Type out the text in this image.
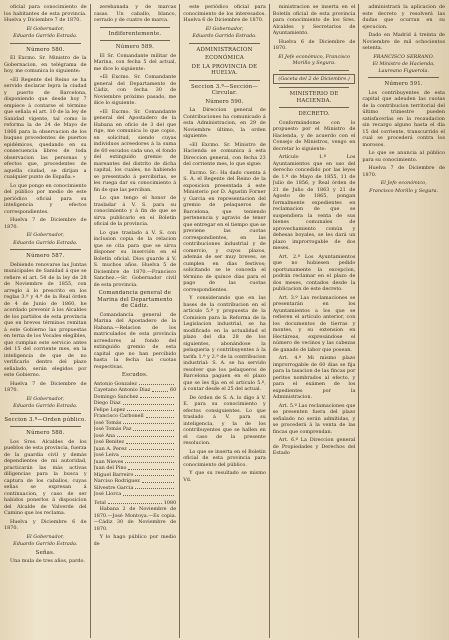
oficial para conocimiento de los habitantes de esta provincia. Huelva y Diciembre 7 de 1870.

El Gobernador,
Eduardo Garrido Estrada.
Número 580.

El Excmo. Sr. Ministro de la Gobernacion, en telégrama de hoy, me comunica lo siguiente:

«El Regente del Reino se ha servido declarar lepra la ciudad y puerto de Barcelona, disponiendo que desde hoy 7 empiece á contarse el término que señala el art. 10 de la ley de Sanidad vigente, tal como lo reforma la de 24 de Mayo de 1866 para la observacion de los buques procedentes de puertos epidémicos, quedando en su consecuencia libres de toda observacion las personas y efectos que, procedentes de aquella ciudad, se dirijan a cualquier punto de España.»

Lo que pongo en conocimiento del público por medio de este periódico oficial para su inteligencia y efectos correspondientes.

Huelva 7 de Diciembre de 1870.

El Gobernador,
Eduardo Garrido Estrada.
Número 587.

Debiendo renovarse las Juntas municipales de Sanidad á que se refiere el art. 54 de la ley de 28 de Noviembre de 1855, con arreglo á lo prescrito en los reglas 3.ª y 4.ª de la Real órden de 4 de Junio de 1860, he acordado prevenir á los Alcaldes de los partidos de esta provincia que en breves términos remitan á este Gobierno las propuestas en terna de los Vocales elegibles, que cumplan este servicio antes del 15 del corriente mes, en la inteligencia de que de no verificarlo dentro del plazo señalado, serán elegidos por este Gobierno.

Huelva 7 de Diciembre de 1870.

El Gobernador,
Eduardo Garrido Estrada.
Seccion 3.ª—Orden público.
Número 588.

Los Sres. Alcaldes de los pueblos de esta provincia, fuerza de la guardia civil y demás dependientes de mi autoridad, practicarán las más activas diligencias para la busca y captura de los caballos, cuyas señas se expresan á continuacion, y caso de ser habidos ponerlos á disposicion del Alcalde de Valverde del Camino que los reclama.

Huelva y Diciembre 6 de 1870.

El Gobernador,
Eduardo Garrido Estrada.
Señas.

Una mula de tres años, pardo.

zerebanada y de marcas casas. Un caballo, blanco, cerrado y de cuatro de marca.

Indiferentemente.
Número 589.

El Sr. Comandante militar de Marina, con fecha 5 del actual, me dice lo siguiente:

«El Excmo. Sr. Comandante general del Departamento de Cádiz, con fecha 30 de Noviembre próximo pasado, me dice lo siguiente.

«El Excmo. Sr. Comandante general del Apostadero de la Habana en oficio de 3 del que rige, me comunica lo que copio, en solicitud, siendo cuyas individuos acreedores á la suma de 60 escudos cada uno, el fondo del extinguido gremio de mareantes del distrito de dicha capital, los cuales, no habiendo se presentado á percibirlas, se les ruega dar su conocimiento á fin de que las perciban.

Lo que tengo el honor de trasladar á V. S. para su conocimiento y á fin de que se sirva publicarlo en el Boletín oficial de la provincia.

Lo que traslado á V. S. con inclusion copia de la relacion que se cita para que se sirva disponer su inserción en el Boletín oficial. Dios guarde á V. S. muchos años. Huelva 5 de Diciembre de 1870.—Francisco Sanchez.—Sr. Gobernador civil de esta provincia.

Comandancia general de Marina del Departamento de Cádiz.

Comandancia general de Marina del Apostadero de la Habana.—Relacion de los matriculados de esta provincia acreedores al fondo del extinguido gremio de esta capital que no han percibido hasta la fecha las cuotas respectivas.

Escudos.
Antonio Gonzalez
Cayetano Antonio Diaz	60
Domingo Sanchez
Diego Diaz
Felipe Lopez
Francisco Carbonell
José Tomás
José Tomás Paz
José Ana
José Benitez
Juan A. Perez
José Leiva
Juan Nieves
Juan del Pino
Miguel Barreiro
Narciso Rodriguez
Silvestre Garcia
José Llorca
Total	1080

Habana 2 de Noviembre de 1870.—José Montoya.—Es copia.—Cádiz 30 de Noviembre de 1870.

Y lo hago público por medio de

este periódico oficial para conocimiento de los interesados. Huelva 6 de Diciembre de 1870.

El Gobernador,
Eduardo Garrido Estrada.
ADMINISTRACION
ECONÓMICA
DE LA PROVINCIA DE HUELVA.
Seccion 3.ª—Sección—Circular.
Número 590.

La Direccion general de Contribuciones ha comunicado á esta Administracion, en 29 de Noviembre último, la orden siguiente:

«El Excmo. Sr. Ministro de Hacienda se comunica á esta Direccion general, con fecha 23 del corriente mes, lo que sigue:

Excmo. Sr.: Ha dado cuenta á S. A. el Regente del Reino de la exposicion presentada á este Ministerio por D. Agustin Forner y Garcia en representacion del gremio de pelaqueros de Barcelona, que teniendo pertenencia y agravio de tener que entregar en el tiempo que se previene las cuotas correspondientes, en las contribuciones industrial y de comercio, y cuyos plazos, además de ser muy breves, se cumplen en dias festivos; solicitando se le conceda el término de quince dias para el pago de las cuotas correspondientes.

Y considerando que en las bases de la contribucion en el artículo 5.º y propuesta de la Comision para la Reforma de la Legislacion industrial, se ha modificado en la actualidad el plazo del dia 28 de los siguientes, abonándose la pelaqueria y contribuyentes á la tarifa 1.ª y 2.ª de la contribucion industrial: S. A. se ha servido resolver que los pelaqueros de Barcelona paguen en el plazo que se les fija en el artículo 5.º, á contar desde el 25 del actual.

De órden de S. A. lo digo á V. E. para su conocimiento y efectos consiguientes. Lo que traslado á V. para su inteligencia, y la de los contribuyentes que se hallen en el caso de la presente resolucion.

Lo que se inserta en el Boletín oficial de esta provincia para conocimiento del público.

Y que su resultado se mismo Vd.

ministracion se inserta en el Boletín oficial de esta provincia para conocimiento de los Sres. Alcaldes y Secretarios de Ayuntamiento.

Huelva 6 de Diciembre de 1870.

El Jefe económico, Francisco Morillo y Segura.
(Gaceta del 2 de Diciembre.)
MINISTERIO DE HACIENDA.
DECRETO.

Conformándome con lo propuesto por el Ministro de Hacienda, y de acuerdo con el Consejo de Ministros, vengo en decretar lo siguiente:

Artículo 1.º Los Ayuntamientos que en uso del derecho concedido por las leyes de 1.º de Mayo de 1855, 11 de Julio de 1856, y Real órden de 21 de Julio de 1863 y 21 de Agosto de 1865, pongan formalmente expedientes en reclamacion de que se suspendiera la venta de sus bienes comunales de aprovechamiento común y dehesas boyales, se les dará un plazo improrrogable de dos meses.

Art. 2.º Los Ayuntamientos que no hubiesen pedido oportunamente la excepcion, podrán reclamar en el plazo de dos meses, contados desde la publicacion de este decreto.

Art. 3.º Las reclamaciones se presentarán en los Ayuntamientos a los que se refieren el artículo anterior, con los documentos de tierras y montes, y su extension en Hectáreas, expresándose el número de vecinos y las cabezas de ganado de labor que posean.

Art. 4.º Mi mismo plazo improrrogable de 60 dias se fija para la tasacion de las fincas por peritos nombrados al efecto, y para el exámen de los expedientes por la Administracion.

Art. 5.º Las reclamaciones que se presenten fuera del plazo señalado no serán admitidas, y se procederá á la venta de las fincas que comprendan.

Art. 6.º La Direccion general de Propiedades y Derechos del Estado

administrará la aplicacion de este decreto y resolverá las dudas que ocurran en su ejecucion.

Dado en Madrid á treinta de Noviembre de mil ochocientos setenta.

FRANCISCO SERRANO.
El Ministro de Hacienda, Laureano Figuerola.
Número 591.

Los contribuyentes de esta capital que adeuden las cuotas de la contribucion territorial del último trimestre pueden satisfacerlas en la recaudacion sin recargo alguno hasta el dia 15 del corriente, transcurrido el cual se procederá contra los morosos.

Lo que se anuncia al público para su conocimiento.

Huelva 7 de Diciembre de 1870.

El Jefe económico,
Francisco Morillo y Segura.
